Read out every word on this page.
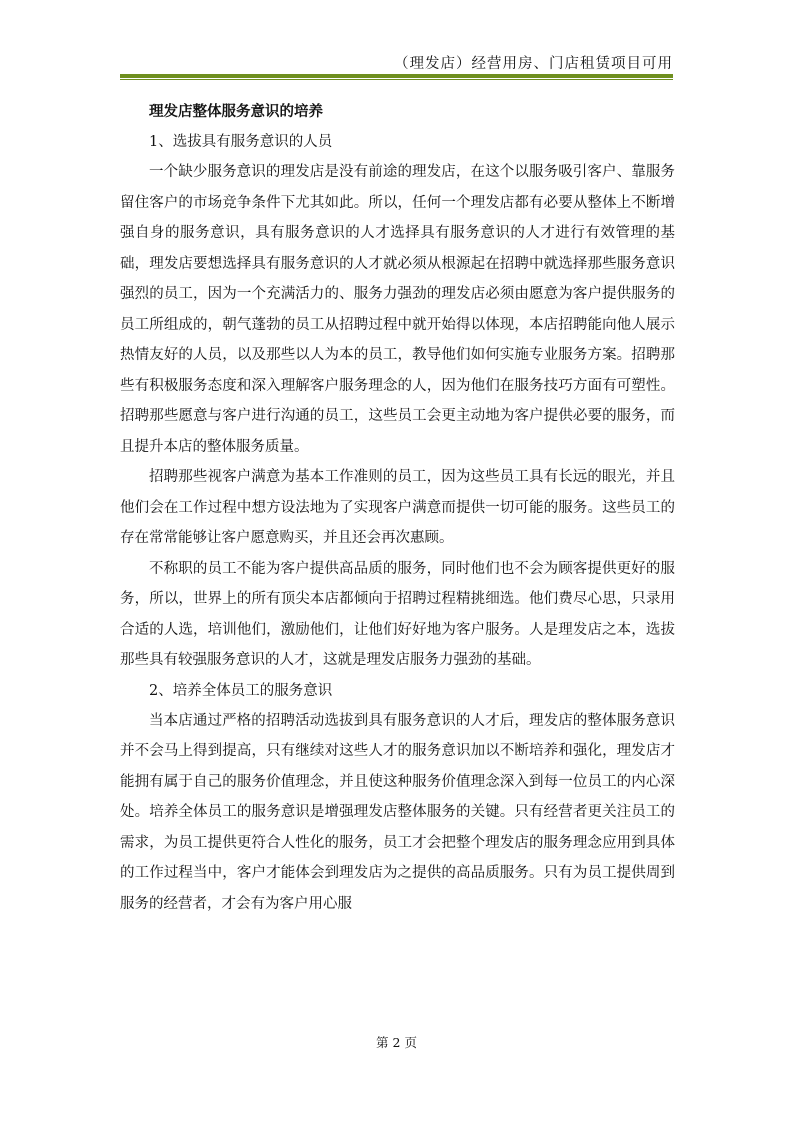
（理发店）经营用房、门店租赁项目可用

理发店整体服务意识的培养

1、选拔具有服务意识的人员

一个缺少服务意识的理发店是没有前途的理发店，在这个以服务吸引客户、靠服务留住客户的市场竞争条件下尤其如此。所以，任何一个理发店都有必要从整体上不断增强自身的服务意识，具有服务意识的人才选择具有服务意识的人才进行有效管理的基础，理发店要想选择具有服务意识的人才就必须从根源起在招聘中就选择那些服务意识强烈的员工，因为一个充满活力的、服务力强劲的理发店必须由愿意为客户提供服务的员工所组成的，朝气蓬勃的员工从招聘过程中就开始得以体现，本店招聘能向他人展示热情友好的人员，以及那些以人为本的员工，教导他们如何实施专业服务方案。招聘那些有积极服务态度和深入理解客户服务理念的人，因为他们在服务技巧方面有可塑性。招聘那些愿意与客户进行沟通的员工，这些员工会更主动地为客户提供必要的服务，而且提升本店的整体服务质量。

招聘那些视客户满意为基本工作准则的员工，因为这些员工具有长远的眼光，并且他们会在工作过程中想方设法地为了实现客户满意而提供一切可能的服务。这些员工的存在常常能够让客户愿意购买，并且还会再次惠顾。

不称职的员工不能为客户提供高品质的服务，同时他们也不会为顾客提供更好的服务，所以，世界上的所有顶尖本店都倾向于招聘过程精挑细选。他们费尽心思，只录用合适的人选，培训他们，激励他们，让他们好好地为客户服务。人是理发店之本，选拔那些具有较强服务意识的人才，这就是理发店服务力强劲的基础。

2、培养全体员工的服务意识

当本店通过严格的招聘活动选拔到具有服务意识的人才后，理发店的整体服务意识并不会马上得到提高，只有继续对这些人才的服务意识加以不断培养和强化，理发店才能拥有属于自己的服务价值理念，并且使这种服务价值理念深入到每一位员工的内心深处。培养全体员工的服务意识是增强理发店整体服务的关键。只有经营者更关注员工的需求，为员工提供更符合人性化的服务，员工才会把整个理发店的服务理念应用到具体的工作过程当中，客户才能体会到理发店为之提供的高品质服务。只有为员工提供周到服务的经营者，才会有为客户用心服

第 2 页
